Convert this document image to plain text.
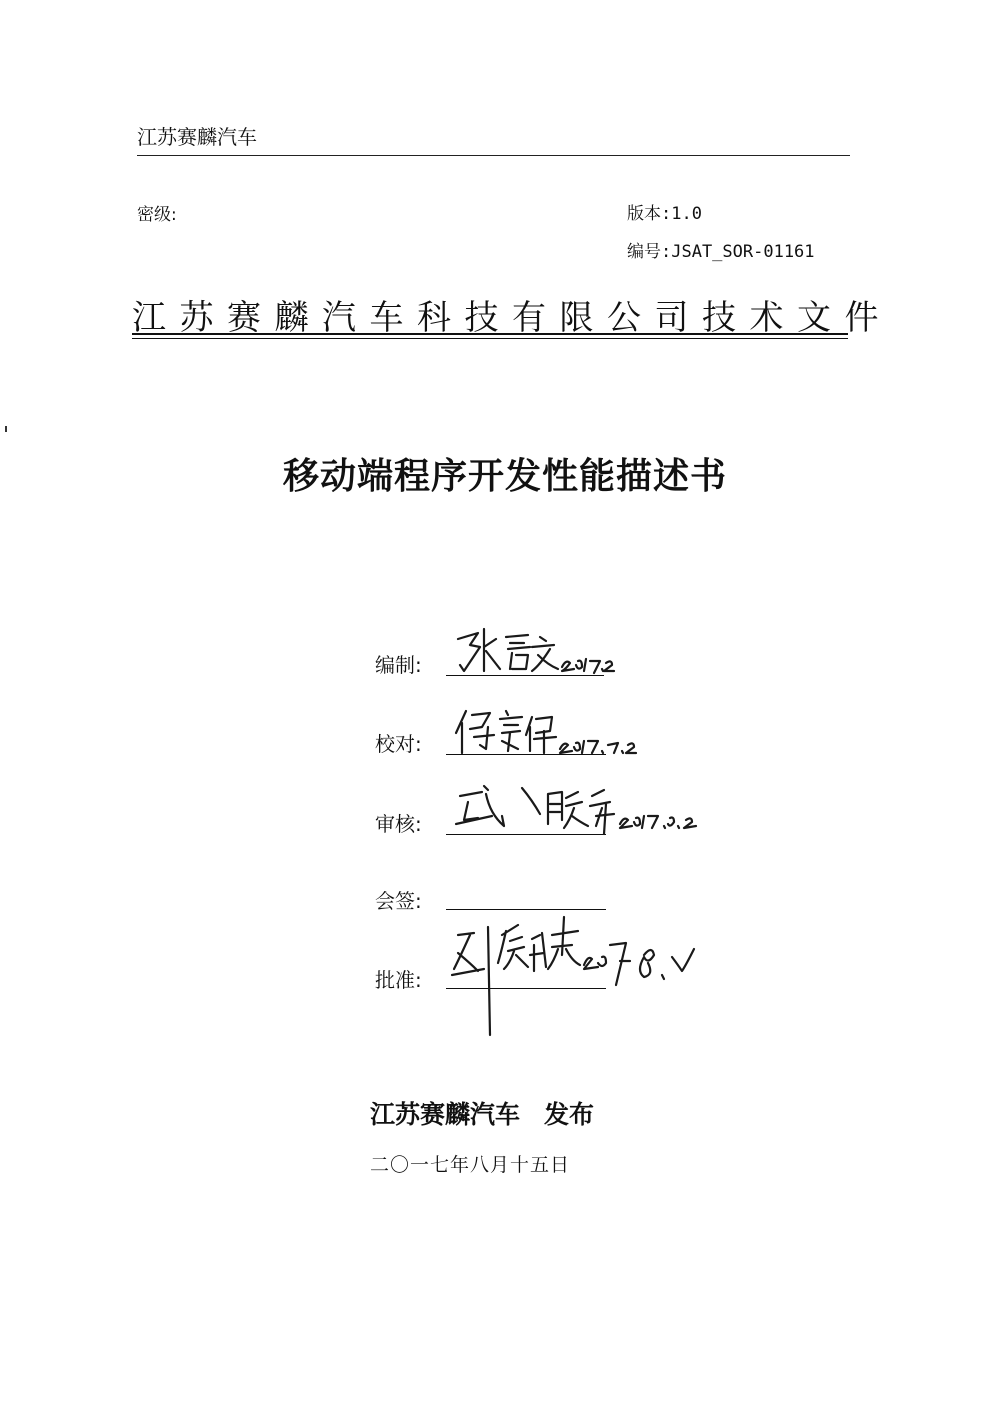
江苏赛麟汽车
密级:	版本:1.0
编号:JSAT_SOR-01161
江苏赛麟汽车科技有限公司技术文件
移动端程序开发性能描述书
编制:
校对:
审核:
会签:
批准:
江苏赛麟汽车 发布
二〇一七年八月十五日
